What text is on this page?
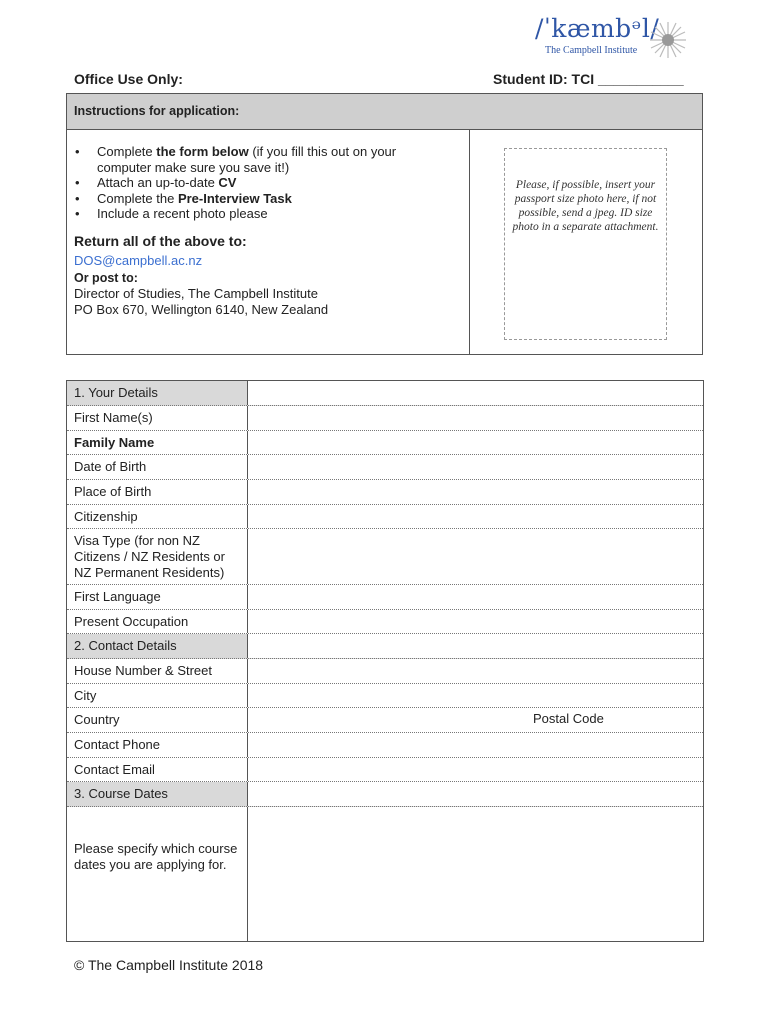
/ˈkæmbᵊl/
The Campbell Institute
Office Use Only:	Student ID: TCI ___________
Instructions for application:
• Complete the form below (if you fill this out on your
computer make sure you save it!)
• Attach an up-to-date CV
• Complete the Pre-Interview Task
• Include a recent photo please
Return all of the above to:
DOS@campbell.ac.nz
Or post to:
Director of Studies, The Campbell Institute
PO Box 670, Wellington 6140, New Zealand
Please, if possible, insert your passport size photo here, if not possible, send a jpeg. ID size photo in a separate attachment.
1. Your Details
First Name(s)
Family Name
Date of Birth
Place of Birth
Citizenship
Visa Type (for non NZ Citizens / NZ Residents or NZ Permanent Residents)
First Language
Present Occupation
2. Contact Details
House Number & Street
City
Country	Postal Code
Contact Phone
Contact Email
3. Course Dates
Please specify which course dates you are applying for.
© The Campbell Institute 2018
